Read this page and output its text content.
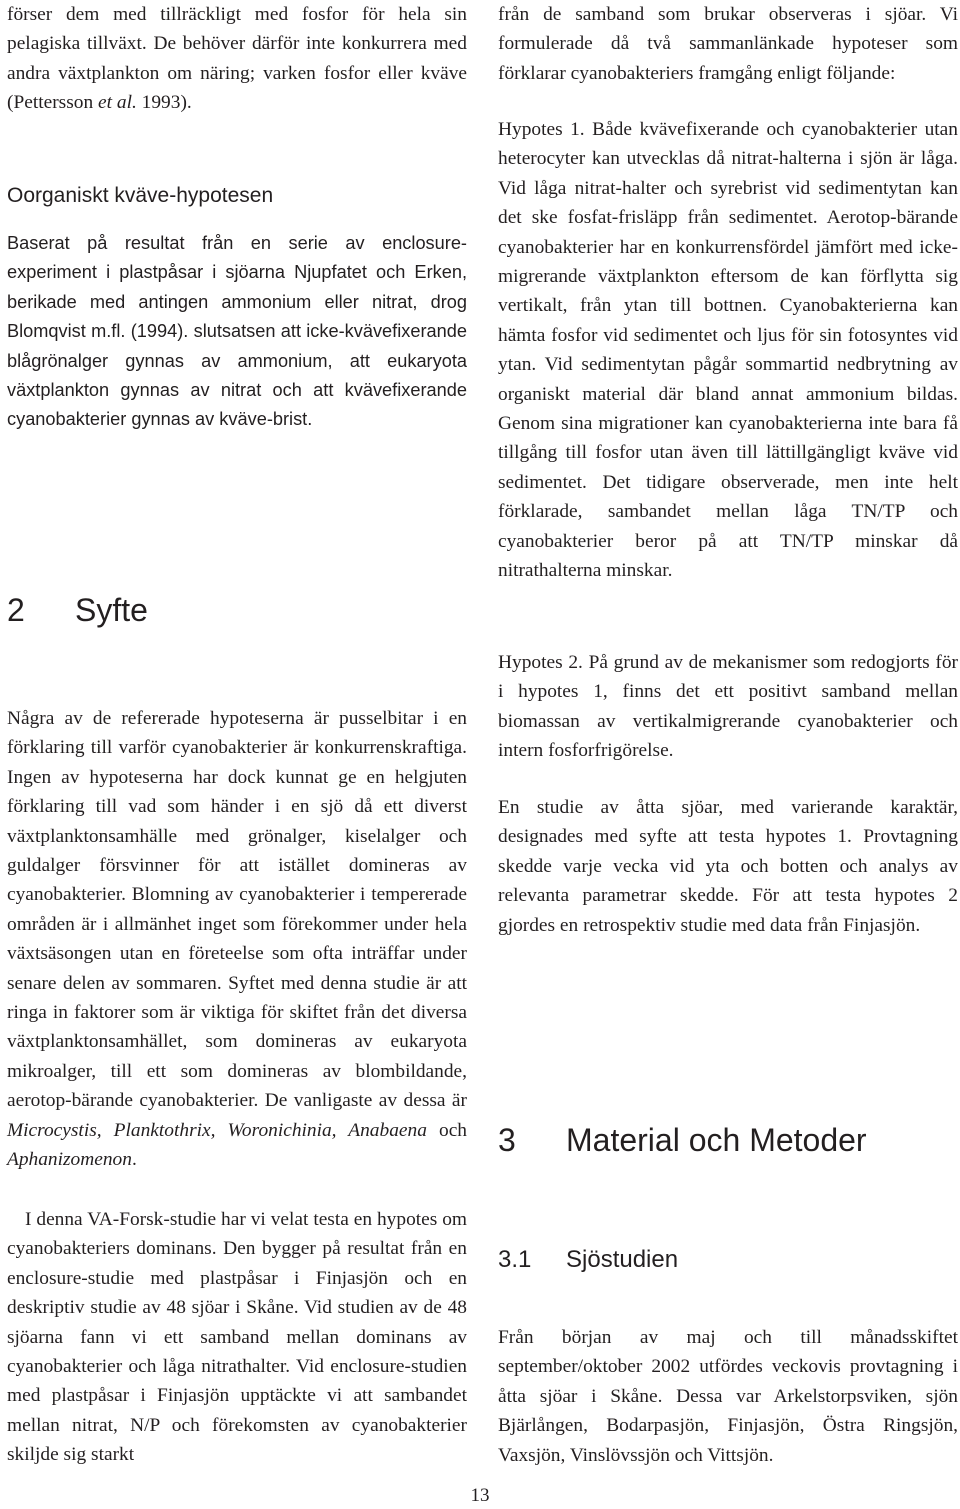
förser dem med tillräckligt med fosfor för hela sin pelagiska tillväxt. De behöver därför inte konkurrera med andra växtplankton om näring; varken fosfor eller kväve (Pettersson et al. 1993).

Oorganiskt kväve-hypotesen

Baserat på resultat från en serie av enclosure-experiment i plastpåsar i sjöarna Njupfatet och Erken, berikade med antingen ammonium eller nitrat, drog Blomqvist m.fl. (1994). slutsatsen att icke-kvävefixerande blågrönalger gynnas av ammonium, att eukaryota växtplankton gynnas av nitrat och att kvävefixerande cyanobakterier gynnas av kväve-brist.

2 Syfte

Några av de refererade hypoteserna är pusselbitar i en förklaring till varför cyanobakterier är konkurrenskraftiga. Ingen av hypoteserna har dock kunnat ge en helgjuten förklaring till vad som händer i en sjö då ett diverst växtplanktonsamhälle med grönalger, kiselalger och guldalger försvinner för att istället domineras av cyanobakterier. Blomning av cyanobakterier i tempererade områden är i allmänhet inget som förekommer under hela växtsäsongen utan en företeelse som ofta inträffar under senare delen av sommaren. Syftet med denna studie är att ringa in faktorer som är viktiga för skiftet från det diversa växtplanktonsamhället, som domineras av eukaryota mikroalger, till ett som domineras av blombildande, aerotop-bärande cyanobakterier. De vanligaste av dessa är Microcystis, Planktothrix, Woronichinia, Anabaena och Aphanizomenon.

I denna VA-Forsk-studie har vi velat testa en hypotes om cyanobakteriers dominans. Den bygger på resultat från en enclosure-studie med plastpåsar i Finjasjön och en deskriptiv studie av 48 sjöar i Skåne. Vid studien av de 48 sjöarna fann vi ett samband mellan dominans av cyanobakterier och låga nitrathalter. Vid enclosure-studien med plastpåsar i Finjasjön upptäckte vi att sambandet mellan nitrat, N/P och förekomsten av cyanobakterier skiljde sig starkt

från de samband som brukar observeras i sjöar. Vi formulerade då två sammanlänkade hypoteser som förklarar cyanobakteriers framgång enligt följande:

Hypotes 1. Både kvävefixerande och cyanobakterier utan heterocyter kan utvecklas då nitrat-halterna i sjön är låga. Vid låga nitrat-halter och syrebrist vid sedimentytan kan det ske fosfat-frisläpp från sedimentet. Aerotop-bärande cyanobakterier har en konkurrensfördel jämfört med icke-migrerande växtplankton eftersom de kan förflytta sig vertikalt, från ytan till bottnen. Cyanobakterierna kan hämta fosfor vid sedimentet och ljus för sin fotosyntes vid ytan. Vid sedimentytan pågår sommartid nedbrytning av organiskt material där bland annat ammonium bildas. Genom sina migrationer kan cyanobakterierna inte bara få tillgång till fosfor utan även till lättillgängligt kväve vid sedimentet. Det tidigare observerade, men inte helt förklarade, sambandet mellan låga TN/TP och cyanobakterier beror på att TN/TP minskar då nitrathalterna minskar.

Hypotes 2. På grund av de mekanismer som redogjorts för i hypotes 1, finns det ett positivt samband mellan biomassan av vertikalmigrerande cyanobakterier och intern fosforfrigörelse.

En studie av åtta sjöar, med varierande karaktär, designades med syfte att testa hypotes 1. Provtagning skedde varje vecka vid yta och botten och analys av relevanta parametrar skedde. För att testa hypotes 2 gjordes en retrospektiv studie med data från Finjasjön.

3 Material och Metoder
3.1 Sjöstudien

Från början av maj och till månadsskiftet september/oktober 2002 utfördes veckovis provtagning i åtta sjöar i Skåne. Dessa var Arkelstorpsviken, sjön Bjärlången, Bodarpasjön, Finjasjön, Östra Ringsjön, Vaxsjön, Vinslövssjön och Vittsjön.

13
